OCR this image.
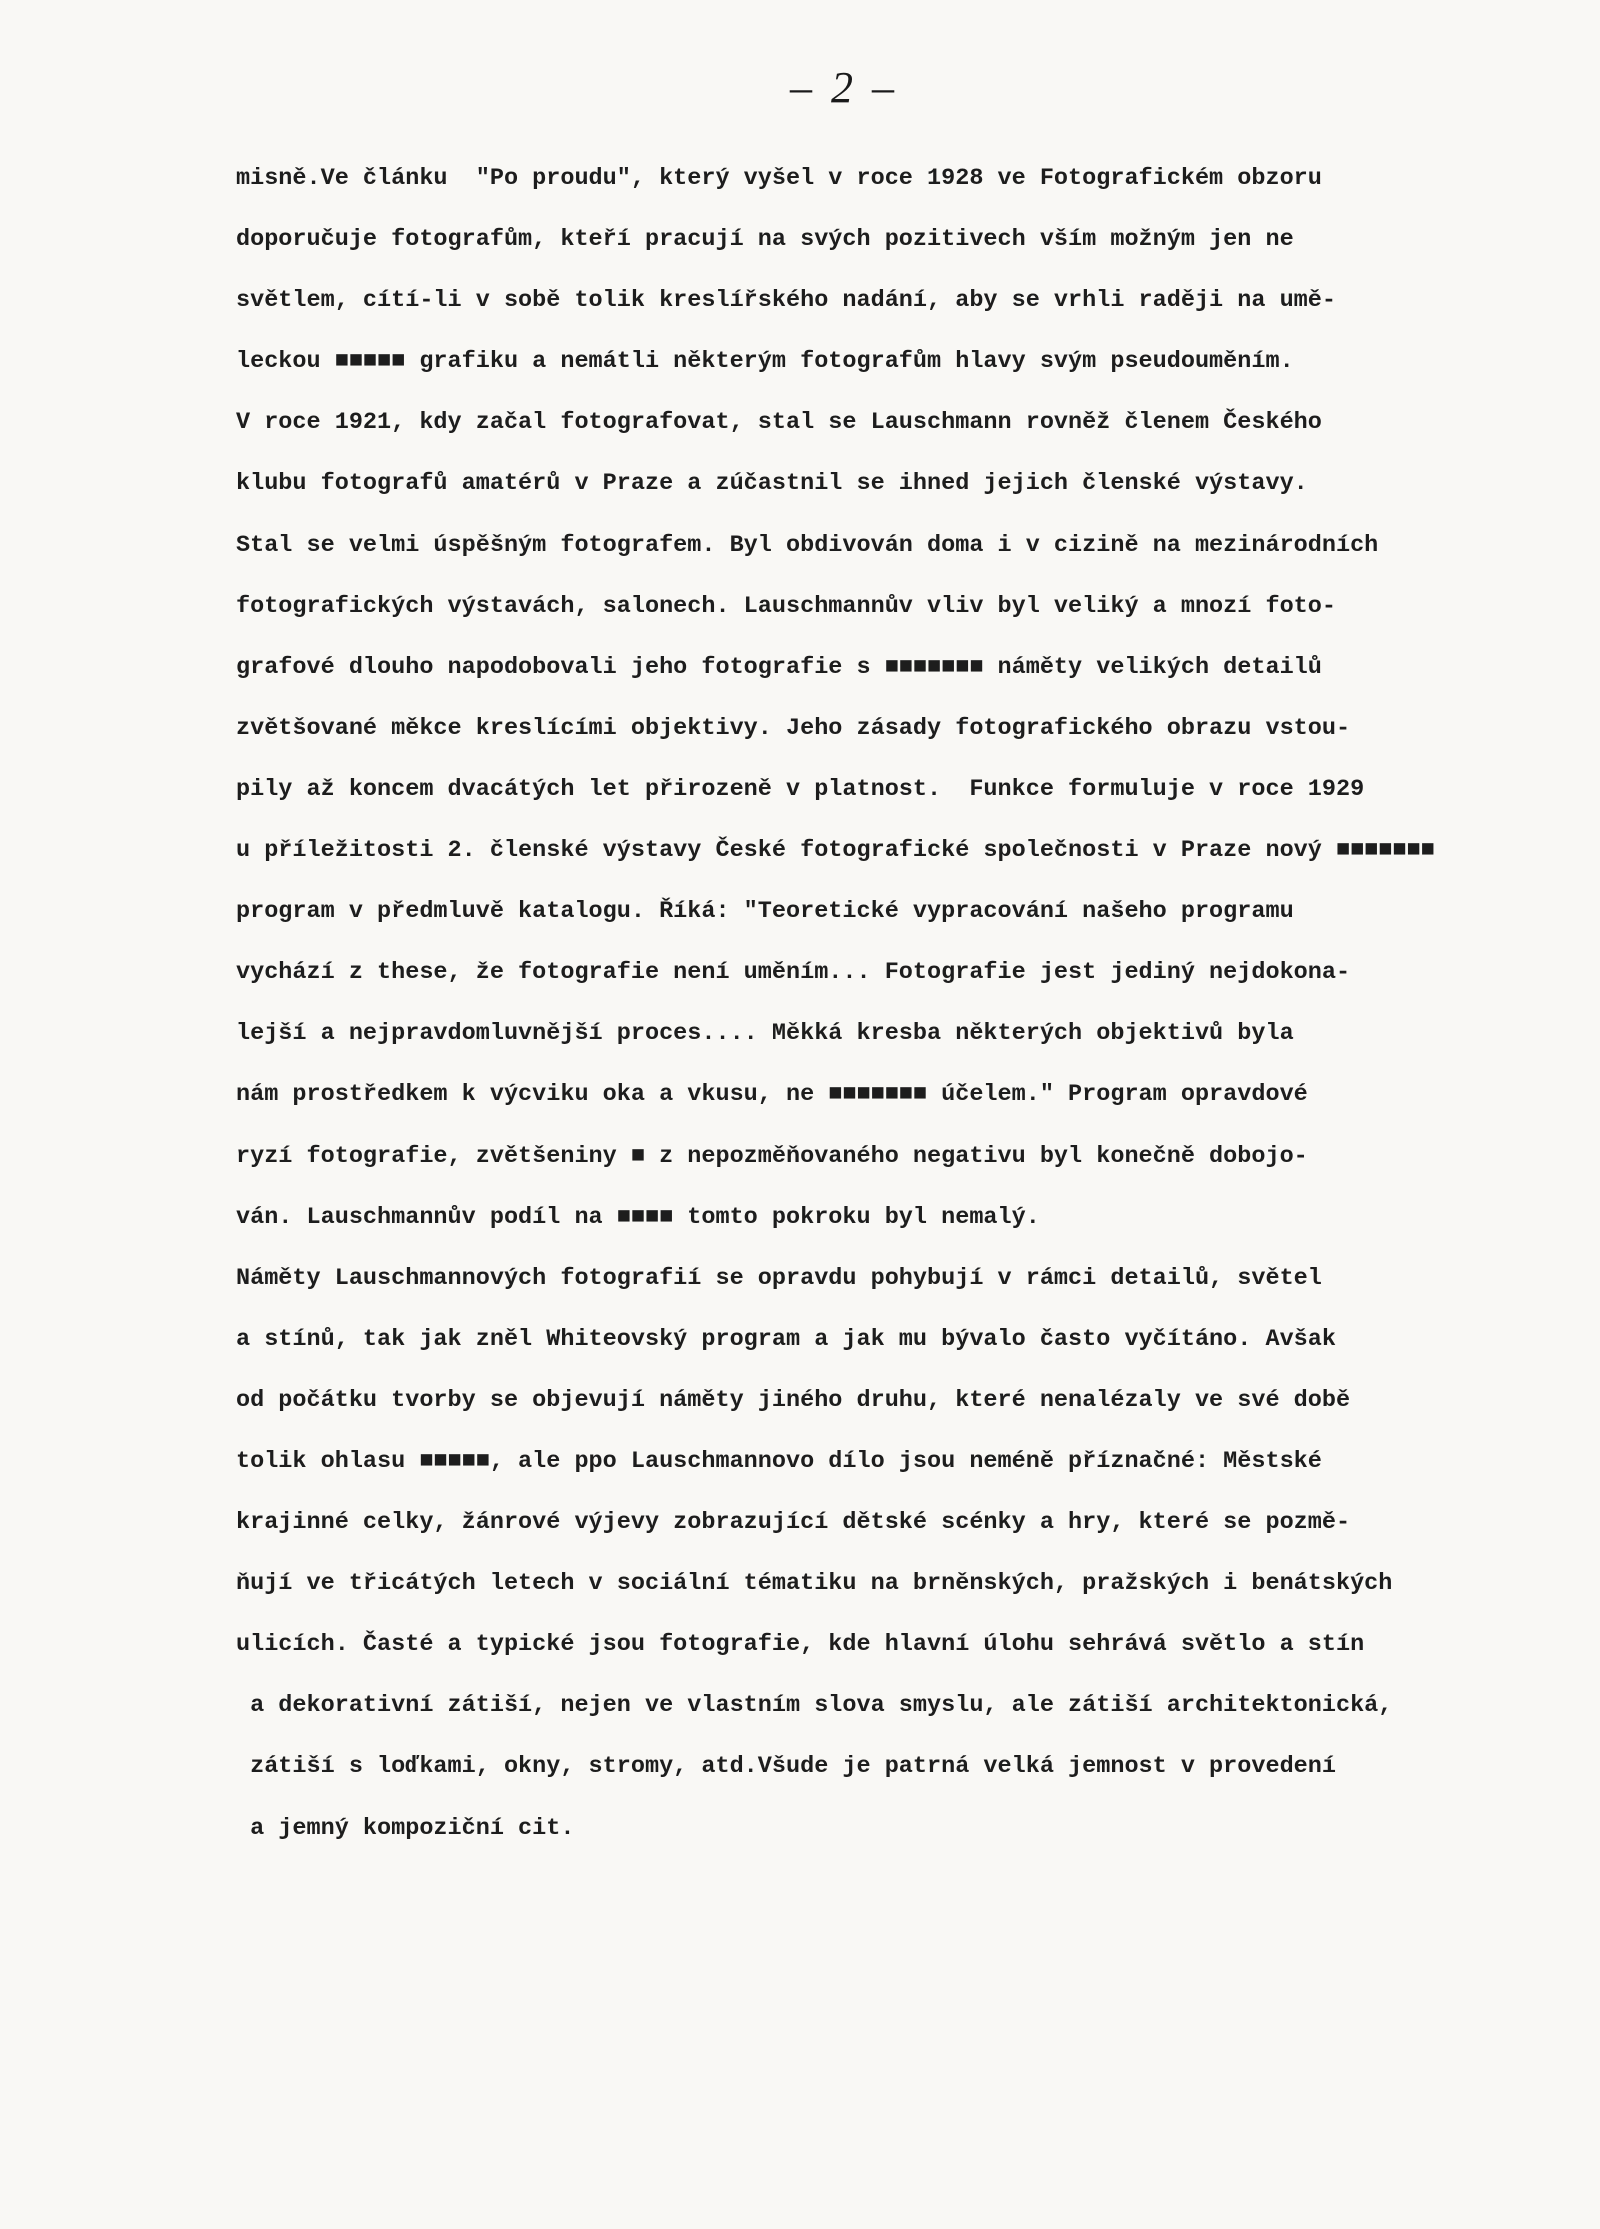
– 2 –
misně.Ve článku  "Po proudu", který vyšel v roce 1928 ve Fotografickém obzoru
doporučuje fotografům, kteří pracují na svých pozitivech vším možným jen ne
světlem, cítí-li v sobě tolik kreslířského nadání, aby se vrhli raději na umě-
leckou ■■■■■ grafiku a nemátli některým fotografům hlavy svým pseudouměním.
V roce 1921, kdy začal fotografovat, stal se Lauschmann rovněž členem Českého
klubu fotografů amatérů v Praze a zúčastnil se ihned jejich členské výstavy.
Stal se velmi úspěšným fotografem. Byl obdivován doma i v cizině na mezinárodních
fotografických výstavách, salonech. Lauschmannův vliv byl veliký a mnozí foto-
grafové dlouho napodobovali jeho fotografie s ■■■■■■■ náměty velikých detailů
zvětšované měkce kreslícími objektivy. Jeho zásady fotografického obrazu vstou-
pily až koncem dvacátých let přirozeně v platnost.  Funkce formuluje v roce 1929
u příležitosti 2. členské výstavy České fotografické společnosti v Praze nový ■■■■■■■
program v předmluvě katalogu. Říká: "Teoretické vypracování našeho programu
vychází z these, že fotografie není uměním... Fotografie jest jediný nejdokona-
lejší a nejpravdomluvnější proces.... Měkká kresba některých objektivů byla
nám prostředkem k výcviku oka a vkusu, ne ■■■■■■■ účelem." Program opravdové
ryzí fotografie, zvětšeniny ■ z nepozměňovaného negativu byl konečně dobojo-
ván. Lauschmannův podíl na ■■■■ tomto pokroku byl nemalý.
Náměty Lauschmannových fotografií se opravdu pohybují v rámci detailů, světel
a stínů, tak jak zněl Whiteovský program a jak mu bývalo často vyčítáno. Avšak
od počátku tvorby se objevují náměty jiného druhu, které nenalézaly ve své době
tolik ohlasu ■■■■■, ale ppo Lauschmannovo dílo jsou neméně příznačné: Městské
krajinné celky, žánrové výjevy zobrazující dětské scénky a hry, které se pozmě-
ňují ve třicátých letech v sociální tématiku na brněnských, pražských i benátských
ulicích. Časté a typické jsou fotografie, kde hlavní úlohu sehrává světlo a stín
a dekorativní zátiší, nejen ve vlastním slova smyslu, ale zátiší architektonická,
zátiší s loďkami, okny, stromy, atd.Všude je patrná velká jemnost v provedení
a jemný kompoziční cit.
